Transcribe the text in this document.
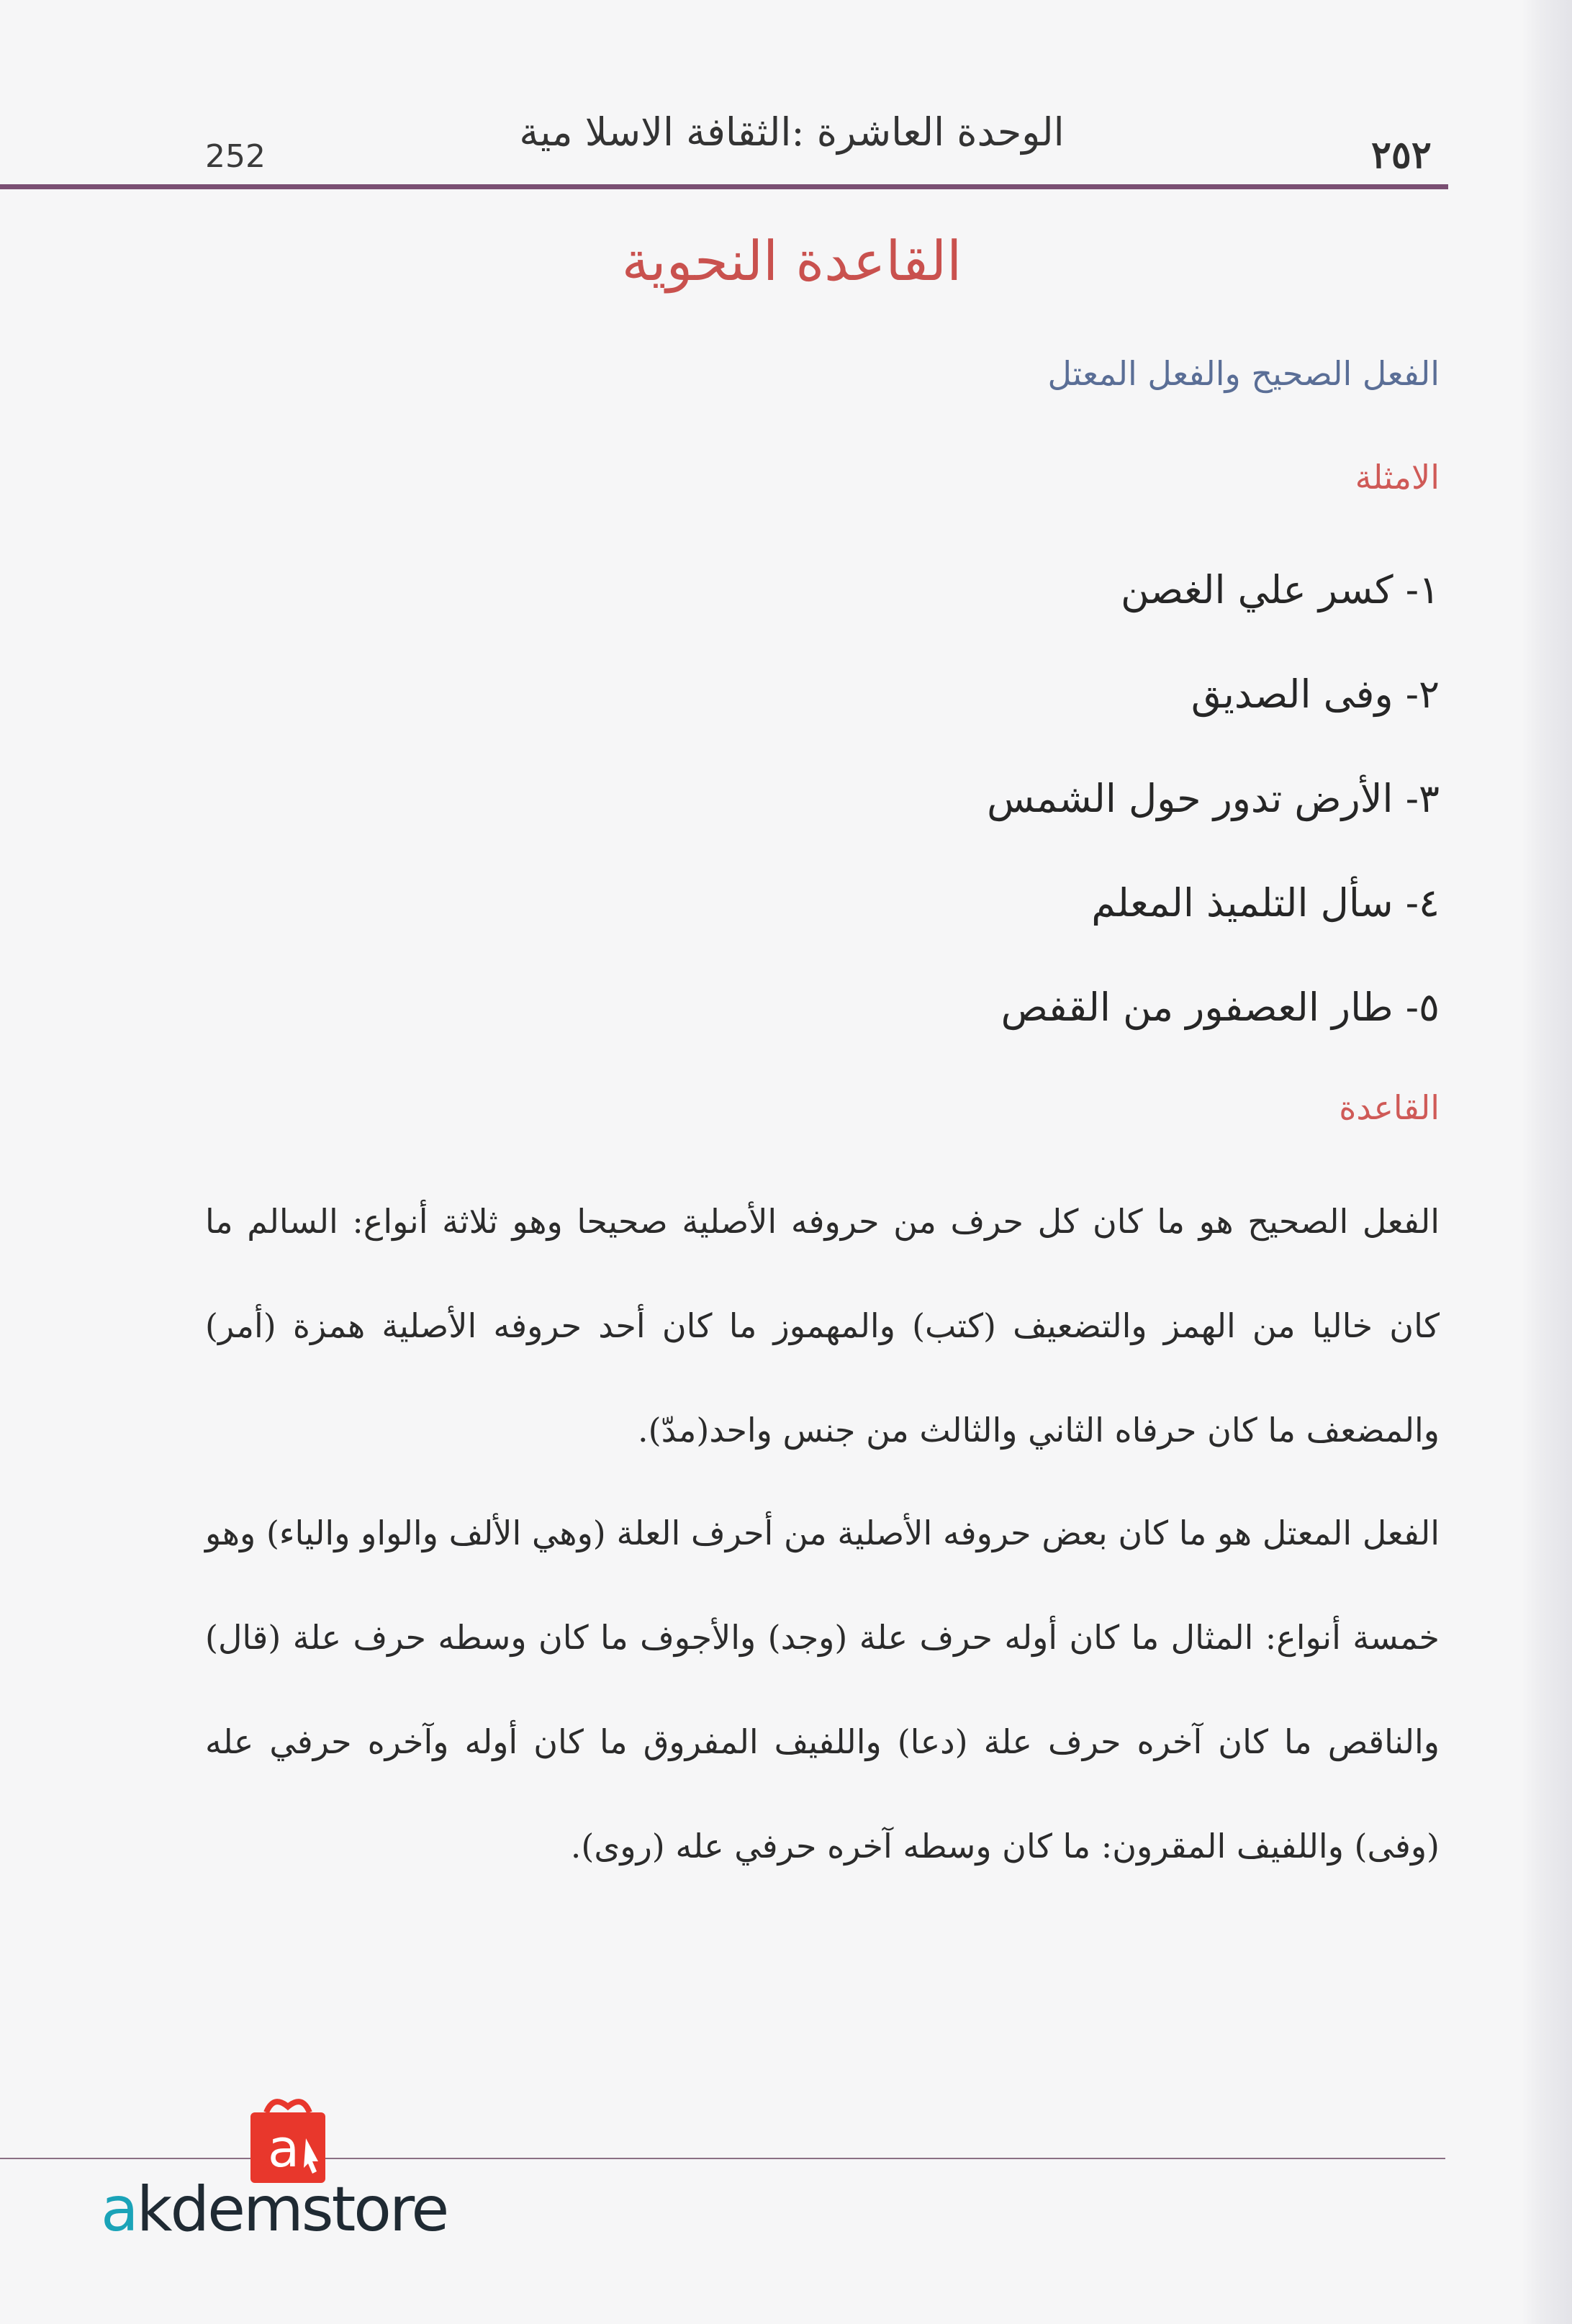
252
الوحدة العاشرة :الثقافة الاسلا مية
٢٥٢
القاعدة النحوية
الفعل الصحيح والفعل المعتل
الامثلة
١- كسر علي الغصن
٢- وفى الصديق
٣- الأرض تدور حول الشمس
٤- سأل التلميذ المعلم
٥- طار العصفور من القفص
القاعدة

الفعل الصحيح هو ما كان كل حرف من حروفه الأصلية صحيحا وهو ثلاثة أنواع: السالم ما كان خاليا من الهمز والتضعيف (كتب) والمهموز ما كان أحد حروفه الأصلية همزة (أمر) والمضعف ما كان حرفاه الثاني والثالث من جنس واحد(مدّ).

الفعل المعتل هو ما كان بعض حروفه الأصلية من أحرف العلة (وهي الألف والواو والياء) وهو خمسة أنواع: المثال ما كان أوله حرف علة (وجد) والأجوف ما كان وسطه حرف علة (قال) والناقص ما كان آخره حرف علة (دعا) واللفيف المفروق ما كان أوله وآخره حرفي عله (وفى) واللفيف المقرون: ما كان وسطه آخره حرفي عله (روى).

a
akdemstore
